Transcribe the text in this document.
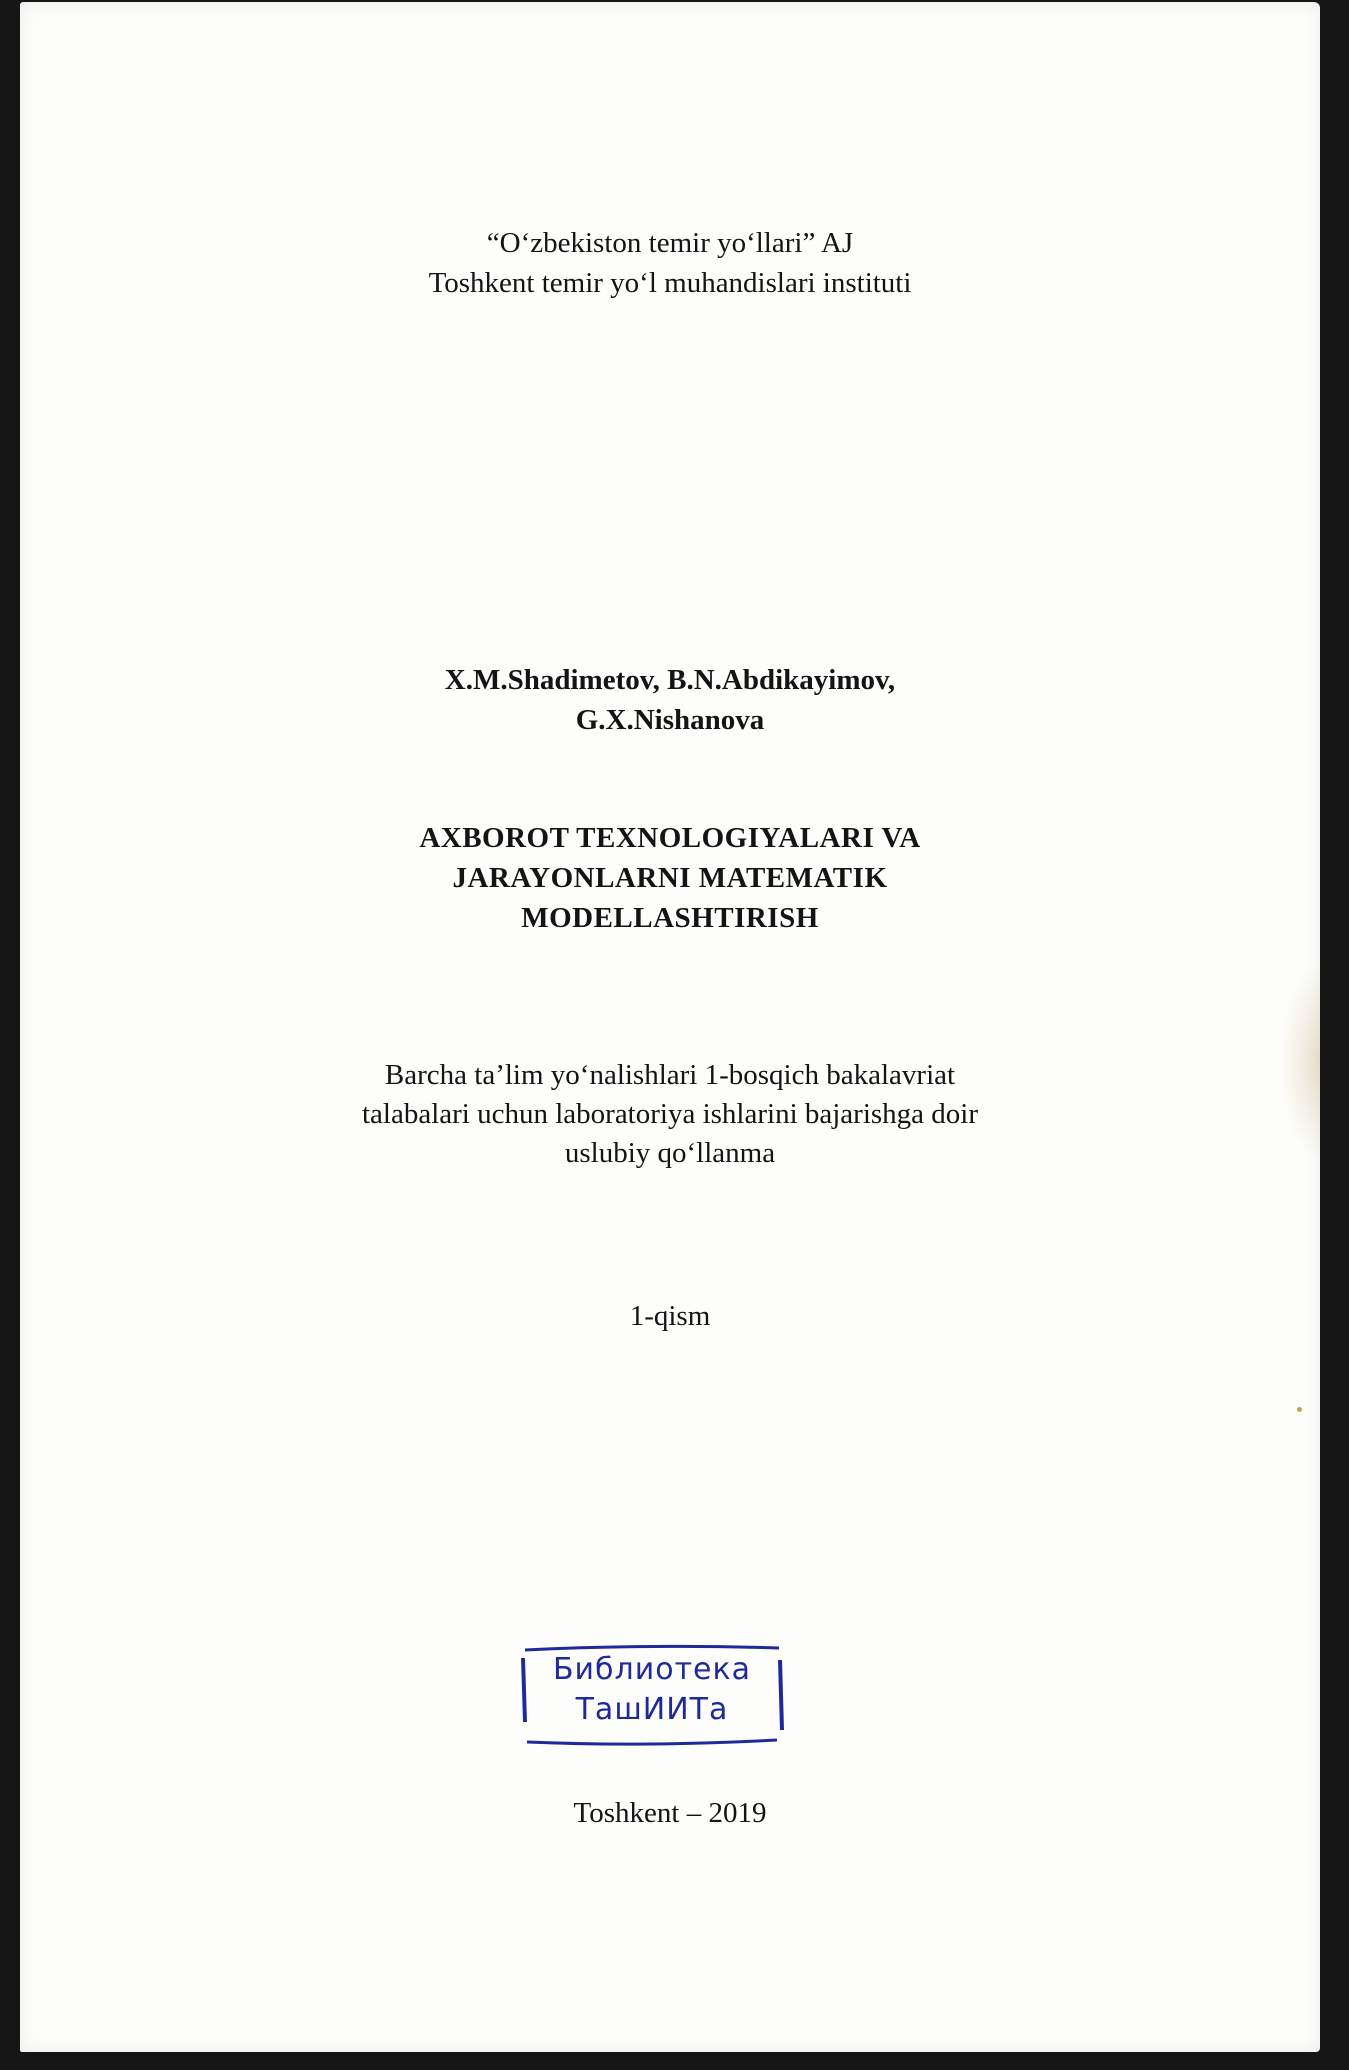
“O‘zbekiston temir yo‘llari” AJ
Toshkent temir yo‘l muhandislari instituti
X.M.Shadimetov, B.N.Abdikayimov,
G.X.Nishanova
AXBOROT TEXNOLOGIYALARI VA
JARAYONLARNI MATEMATIK
MODELLASHTIRISH
Barcha ta’lim yo‘nalishlari 1-bosqich bakalavriat
talabalari uchun laboratoriya ishlarini bajarishga doir
uslubiy qo‘llanma
1-qism
Библиотека
ТашИИТа
Toshkent – 2019
